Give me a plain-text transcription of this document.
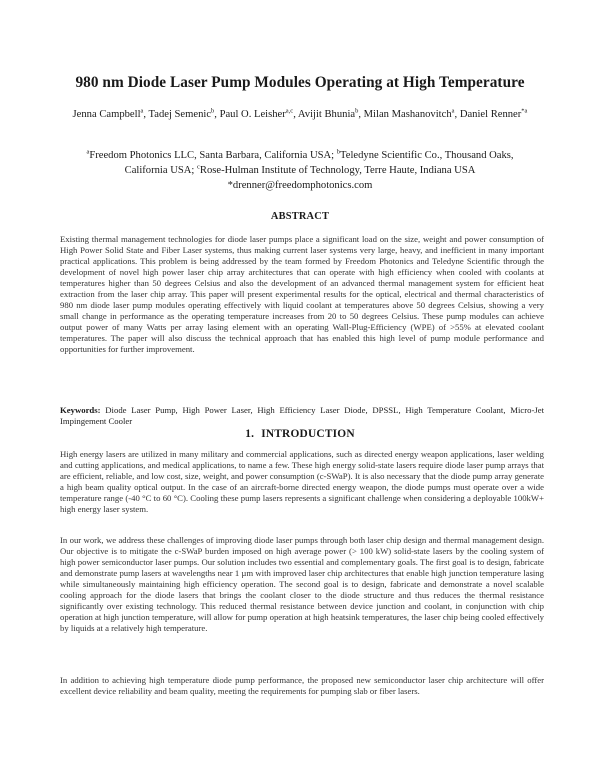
980 nm Diode Laser Pump Modules Operating at High Temperature
Jenna Campbell$^a$, Tadej Semenic$^b$, Paul O. Leisher$^{a,c}$, Avijit Bhunia$^b$, Milan Mashanovitch$^a$, Daniel Renner$^{*a}$
$^a$Freedom Photonics LLC, Santa Barbara, California USA; $^b$Teledyne Scientific Co., Thousand Oaks, California USA; $^c$Rose-Hulman Institute of Technology, Terre Haute, Indiana USA
*drenner@freedomphotonics.com
ABSTRACT
Existing thermal management technologies for diode laser pumps place a significant load on the size, weight and power consumption of High Power Solid State and Fiber Laser systems, thus making current laser systems very large, heavy, and inefficient in many important practical applications. This problem is being addressed by the team formed by Freedom Photonics and Teledyne Scientific through the development of novel high power laser chip array architectures that can operate with high efficiency when cooled with coolants at temperatures higher than 50 degrees Celsius and also the development of an advanced thermal management system for efficient heat extraction from the laser chip array. This paper will present experimental results for the optical, electrical and thermal characteristics of 980 nm diode laser pump modules operating effectively with liquid coolant at temperatures above 50 degrees Celsius, showing a very small change in performance as the operating temperature increases from 20 to 50 degrees Celsius. These pump modules can achieve output power of many Watts per array lasing element with an operating Wall-Plug-Efficiency (WPE) of >55% at elevated coolant temperatures. The paper will also discuss the technical approach that has enabled this high level of pump module performance and opportunities for further improvement.
Keywords: Diode Laser Pump, High Power Laser, High Efficiency Laser Diode, DPSSL, High Temperature Coolant, Micro-Jet Impingement Cooler
1. INTRODUCTION
High energy lasers are utilized in many military and commercial applications, such as directed energy weapon applications, laser welding and cutting applications, and medical applications, to name a few. These high energy solid-state lasers require diode laser pump arrays that are efficient, reliable, and low cost, size, weight, and power consumption (c-SWaP). It is also necessary that the diode pump array generate a high beam quality optical output. In the case of an aircraft-borne directed energy weapon, the diode pumps must operate over a wide temperature range (-40 °C to 60 °C). Cooling these pump lasers represents a significant challenge when considering a deployable 100kW+ high energy laser system.
In our work, we address these challenges of improving diode laser pumps through both laser chip design and thermal management design. Our objective is to mitigate the c-SWaP burden imposed on high average power (> 100 kW) solid-state lasers by the cooling system of high power semiconductor laser pumps. Our solution includes two essential and complementary goals. The first goal is to design, fabricate and demonstrate pump lasers at wavelengths near 1 µm with improved laser chip architectures that enable high junction temperature lasing while simultaneously maintaining high efficiency operation. The second goal is to design, fabricate and demonstrate a novel scalable cooling approach for the diode lasers that brings the coolant closer to the diode structure and thus reduces the thermal resistance significantly over existing technology. This reduced thermal resistance between device junction and coolant, in conjunction with chip operation at high junction temperature, will allow for pump operation at high heatsink temperatures, the laser chip being cooled effectively by liquids at a relatively high temperature.
In addition to achieving high temperature diode pump performance, the proposed new semiconductor laser chip architecture will offer excellent device reliability and beam quality, meeting the requirements for pumping slab or fiber lasers.
